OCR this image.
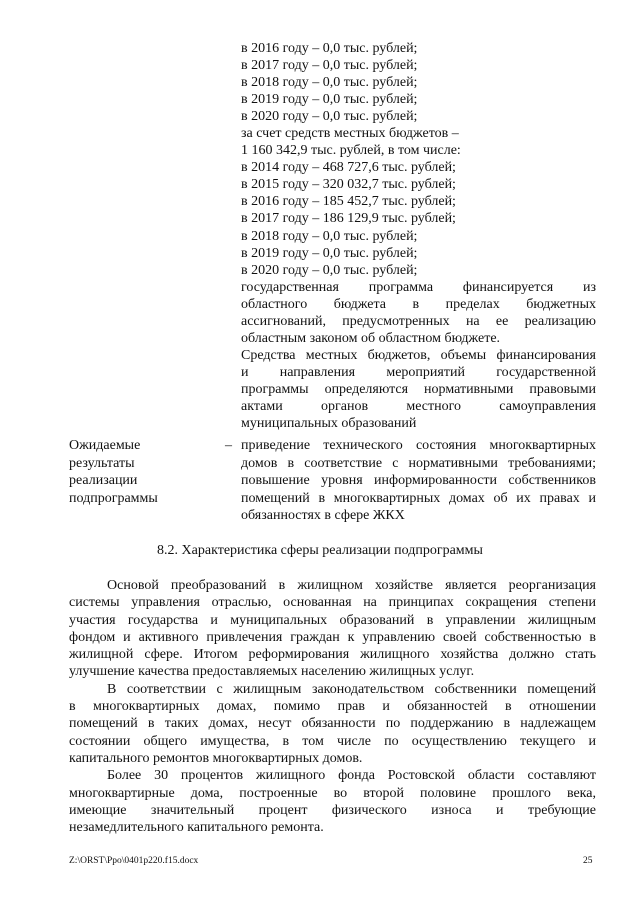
в 2016 году – 0,0 тыс. рублей;
в 2017 году – 0,0 тыс. рублей;
в 2018 году – 0,0 тыс. рублей;
в 2019 году – 0,0 тыс. рублей;
в 2020 году – 0,0 тыс. рублей;
за счет средств местных бюджетов –
1 160 342,9 тыс. рублей, в том числе:
в 2014 году – 468 727,6 тыс. рублей;
в 2015 году – 320 032,7 тыс. рублей;
в 2016 году – 185 452,7 тыс. рублей;
в 2017 году – 186 129,9 тыс. рублей;
в 2018 году – 0,0 тыс. рублей;
в 2019 году – 0,0 тыс. рублей;
в 2020 году – 0,0 тыс. рублей;
государственная программа финансируется из
областного бюджета в пределах бюджетных
ассигнований, предусмотренных на ее реализацию
областным законом об областном бюджете.
Средства местных бюджетов, объемы финансирования
и направления мероприятий государственной
программы определяются нормативными правовыми
актами органов местного самоуправления
муниципальных образований
Ожидаемые
результаты
реализации
подпрограммы
– приведение технического состояния многоквартирных
домов в соответствие с нормативными требованиями;
повышение уровня информированности собственников
помещений в многоквартирных домах об их правах и
обязанностях в сфере ЖКХ
8.2. Характеристика сферы реализации подпрограммы
Основой преобразований в жилищном хозяйстве является реорганизация
системы управления отраслью, основанная на принципах сокращения степени
участия государства и муниципальных образований в управлении жилищным
фондом и активного привлечения граждан к управлению своей собственностью в
жилищной сфере. Итогом реформирования жилищного хозяйства должно стать
улучшение качества предоставляемых населению жилищных услуг.
В соответствии с жилищным законодательством собственники помещений
в многоквартирных домах, помимо прав и обязанностей в отношении
помещений в таких домах, несут обязанности по поддержанию в надлежащем
состоянии общего имущества, в том числе по осуществлению текущего и
капитального ремонтов многоквартирных домов.
Более 30 процентов жилищного фонда Ростовской области составляют
многоквартирные дома, построенные во второй половине прошлого века,
имеющие значительный процент физического износа и требующие
незамедлительного капитального ремонта.
Z:\ORST\Ppo\0401p220.f15.docx	25
